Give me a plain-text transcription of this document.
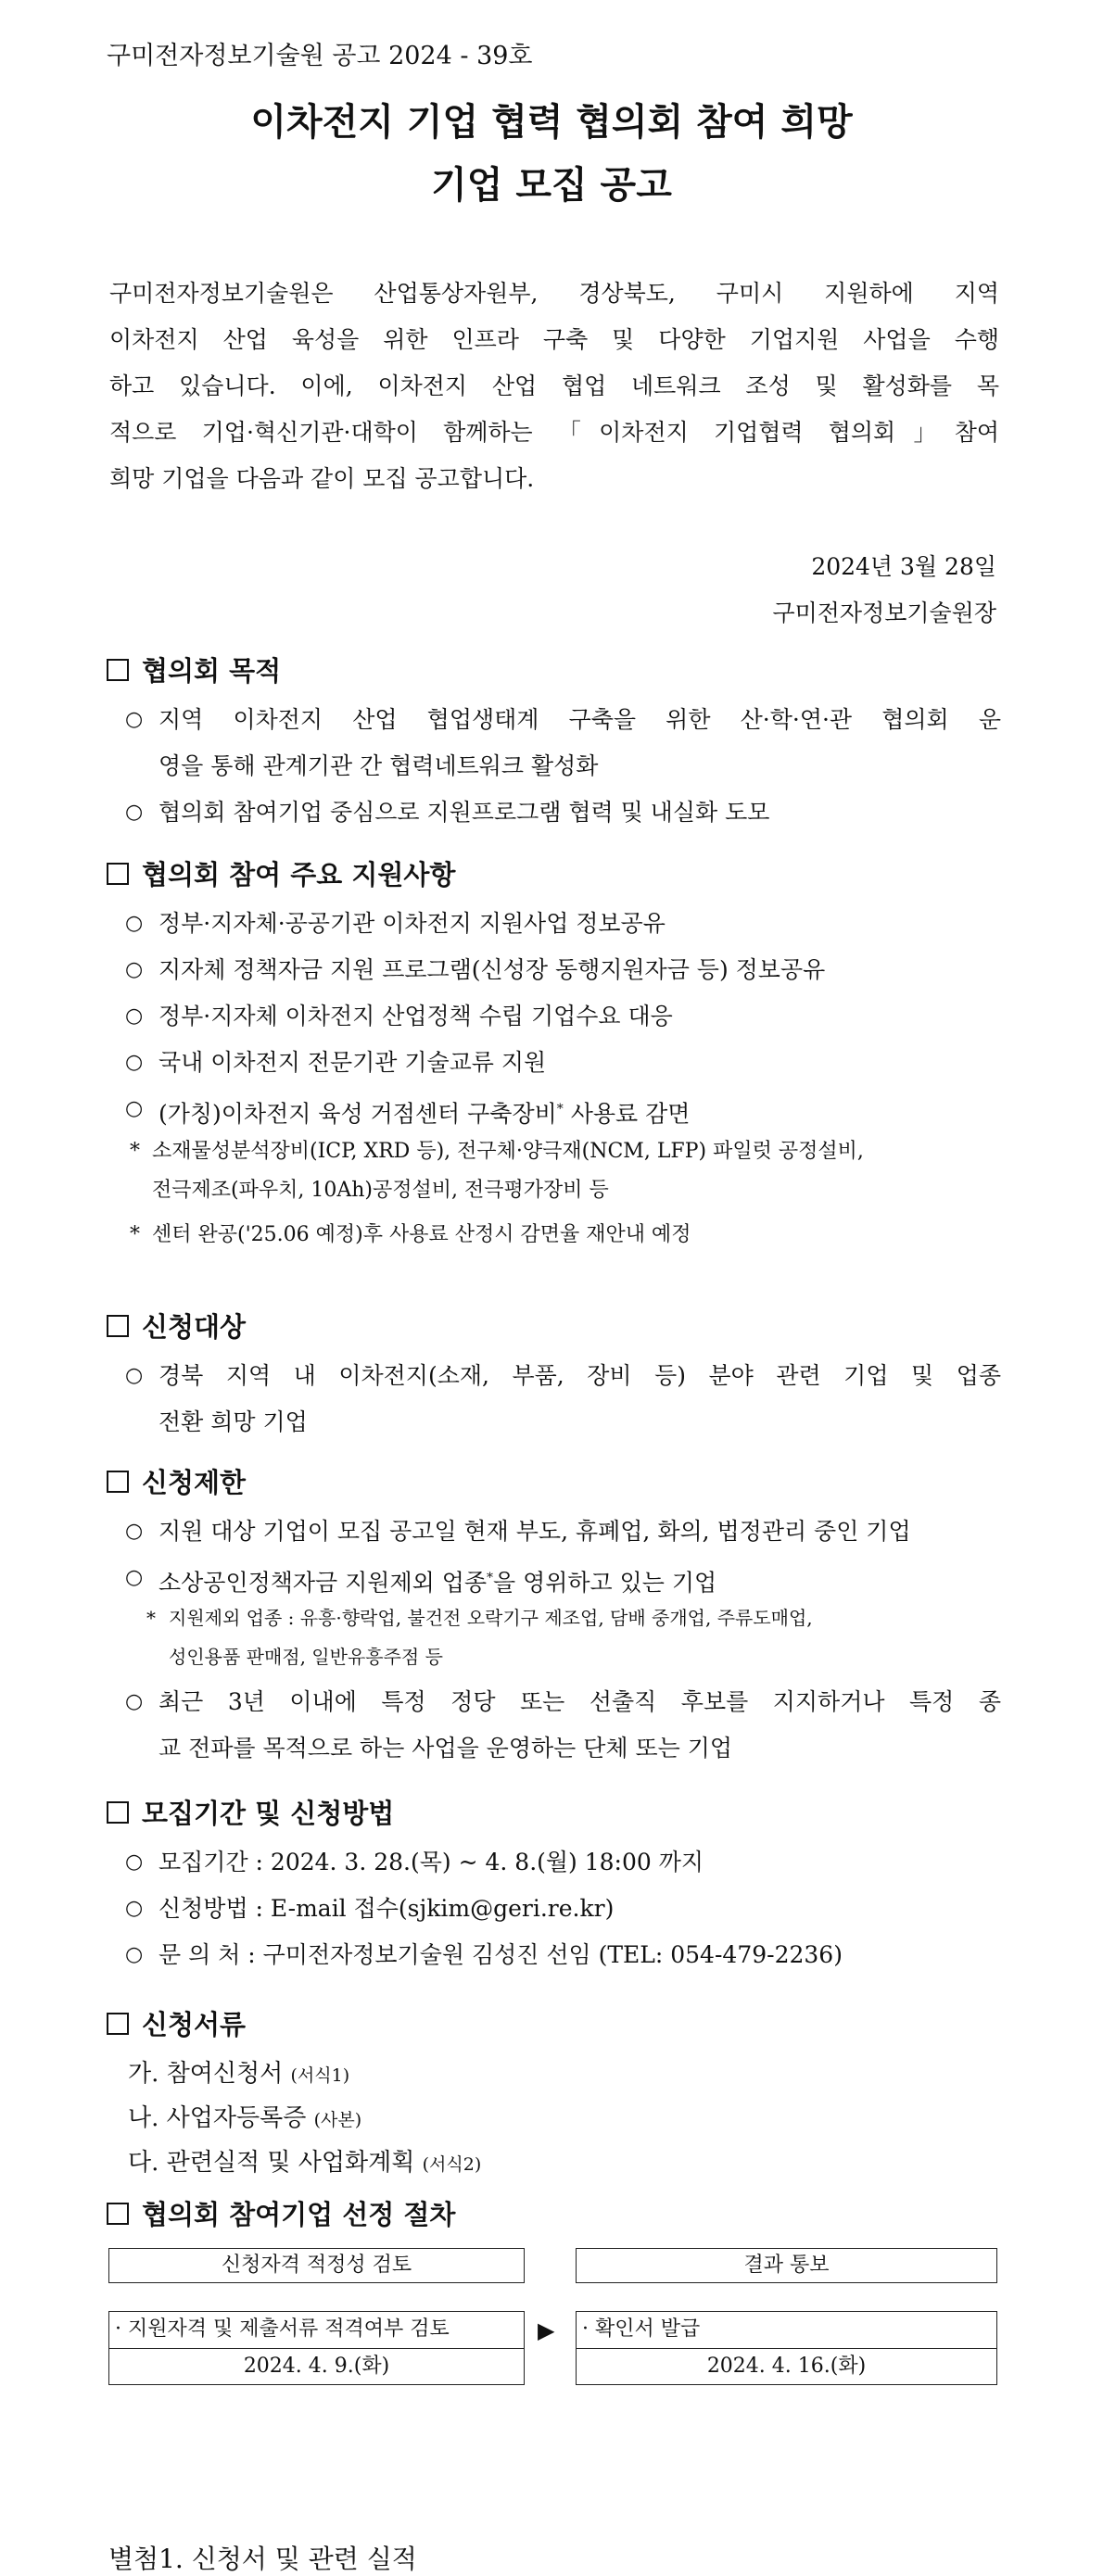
구미전자정보기술원 공고 2024 - 39호
이차전지 기업 협력 협의회 참여 희망
기업 모집 공고

구미전자정보기술원은 산업통상자원부, 경상북도, 구미시 지원하에 지역

이차전지 산업 육성을 위한 인프라 구축 및 다양한 기업지원 사업을 수행

하고 있습니다. 이에, 이차전지 산업 협업 네트워크 조성 및 활성화를 목

적으로 기업·혁신기관·대학이 함께하는 「이차전지 기업협력 협의회」참여

희망 기업을 다음과 같이 모집 공고합니다.

2024년 3월 28일
구미전자정보기술원장
협의회 목적
○ 지역 이차전지 산업 협업생태계 구축을 위한 산·학·연·관 협의회 운
영을 통해 관계기관 간 협력네트워크 활성화
○ 협의회 참여기업 중심으로 지원프로그램 협력 및 내실화 도모
협의회 참여 주요 지원사항
○ 정부·지자체·공공기관 이차전지 지원사업 정보공유
○ 지자체 정책자금 지원 프로그램(신성장 동행지원자금 등) 정보공유
○ 정부·지자체 이차전지 산업정책 수립 기업수요 대응
○ 국내 이차전지 전문기관 기술교류 지원
○ (가칭)이차전지 육성 거점센터 구축장비* 사용료 감면
* 소재물성분석장비(ICP, XRD 등), 전구체·양극재(NCM, LFP) 파일럿 공정설비,
전극제조(파우치, 10Ah)공정설비, 전극평가장비 등
* 센터 완공('25.06 예정)후 사용료 산정시 감면율 재안내 예정
신청대상
○ 경북 지역 내 이차전지(소재, 부품, 장비 등) 분야 관련 기업 및 업종
전환 희망 기업
신청제한
○ 지원 대상 기업이 모집 공고일 현재 부도, 휴폐업, 화의, 법정관리 중인 기업
○ 소상공인정책자금 지원제외 업종*을 영위하고 있는 기업
* 지원제외 업종 : 유흥·향락업, 불건전 오락기구 제조업, 담배 중개업, 주류도매업,
성인용품 판매점, 일반유흥주점 등
○ 최근 3년 이내에 특정 정당 또는 선출직 후보를 지지하거나 특정 종
교 전파를 목적으로 하는 사업을 운영하는 단체 또는 기업
모집기간 및 신청방법
○ 모집기간 : 2024. 3. 28.(목) ~ 4. 8.(월) 18:00 까지
○ 신청방법 : E-mail 접수(sjkim@geri.re.kr)
○ 문 의 처 : 구미전자정보기술원 김성진 선임 (TEL: 054-479-2236)
신청서류
가. 참여신청서 (서식1)
나. 사업자등록증 (사본)
다. 관련실적 및 사업화계획 (서식2)
협의회 참여기업 선정 절차
신청자격 적정성 검토	결과 통보
· 지원자격 및 제출서류 적격여부 검토
2024. 4. 9.(화)
▶ · 확인서 발급
2024. 4. 16.(화)
별첨1. 신청서 및 관련 실적
